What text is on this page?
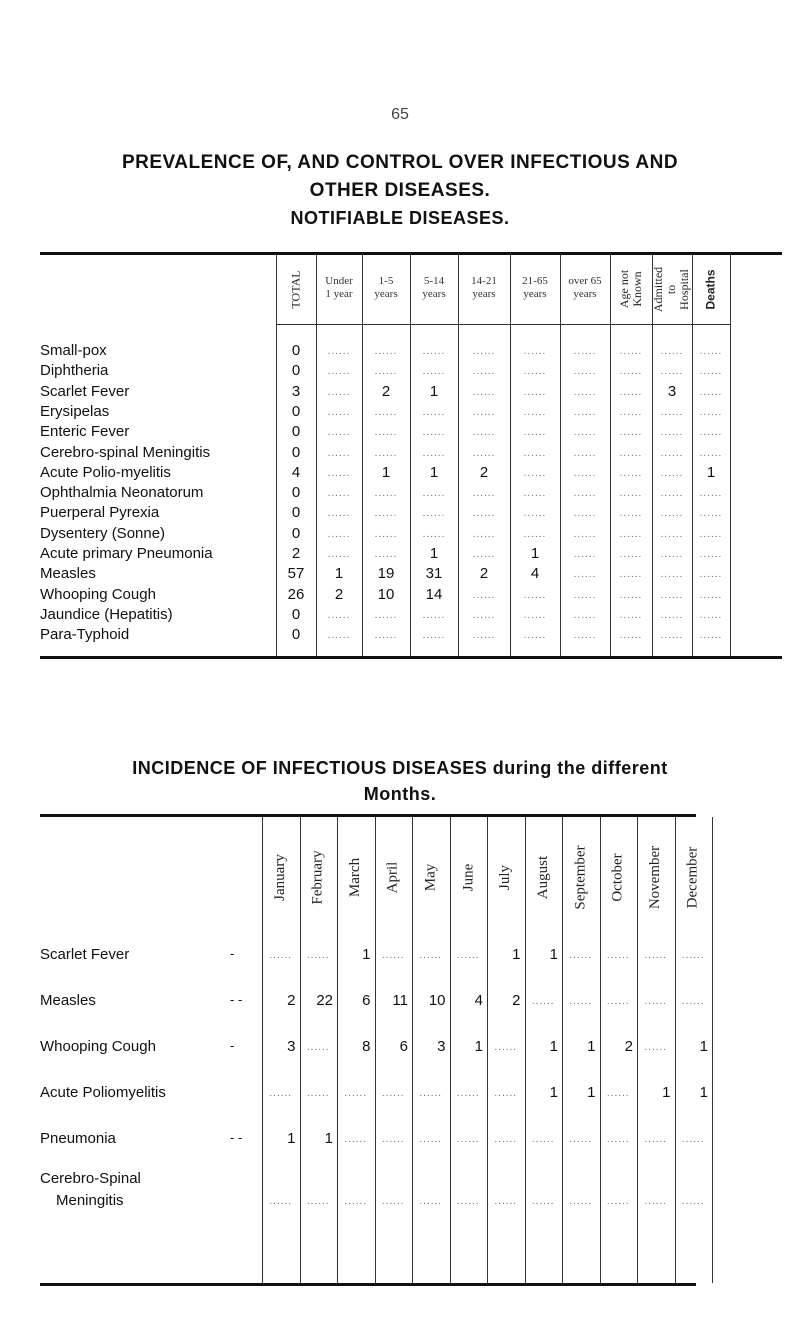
65
PREVALENCE OF, AND CONTROL OVER INFECTIOUS AND
OTHER DISEASES.
NOTIFIABLE DISEASES.
TOTAL Under
1 year
1-5
years
5-14
years
14-21
years
21-65
years
over 65
years	Age not Known Admitted to Hospital Deaths
Small-pox	0	......	......	......	......	......	......	......	......	......
Diphtheria	0	......	......	......	......	......	......	......	......	......
Scarlet Fever	3	......	2	1	......	......	......	......	3	......
Erysipelas	0	......	......	......	......	......	......	......	......	......
Enteric Fever	0	......	......	......	......	......	......	......	......	......
Cerebro-spinal Meningitis	0	......	......	......	......	......	......	......	......	......
Acute Polio-myelitis	4	......	1	1	2	......	......	......	......	1
Ophthalmia Neonatorum	0	......	......	......	......	......	......	......	......	......
Puerperal Pyrexia	0	......	......	......	......	......	......	......	......	......
Dysentery (Sonne)	0	......	......	......	......	......	......	......	......	......
Acute primary Pneumonia	2	......	......	1	......	1	......	......	......	......
Measles	57	1	19	31	2	4	......	......	......	......
Whooping Cough	26	2	10	14	......	......	......	......	......	......
Jaundice (Hepatitis)	0	......	......	......	......	......	......	......	......	......
Para-Typhoid	0	......	......	......	......	......	......	......	......	......
INCIDENCE OF INFECTIOUS DISEASES during the different
Months.
January February March April May June July August September October November December
Scarlet Fever	-	......	......	1	......	......	......	1	1	......	......	......	......
Measles	- -	2	22	6	11	10	4	2	......	......	......	......	......
Whooping Cough	-	3	......	8	6	3	1	......	1	1	2	......	1
Acute Poliomyelitis	......	......	......	......	......	......	......	1	1	......	1	1
Pneumonia	- -	1	1	......	......	......	......	......	......	......	......	......	......
Cerebro-Spinal
Meningitis	......	......	......	......	......	......	......	......	......	......	......	......
